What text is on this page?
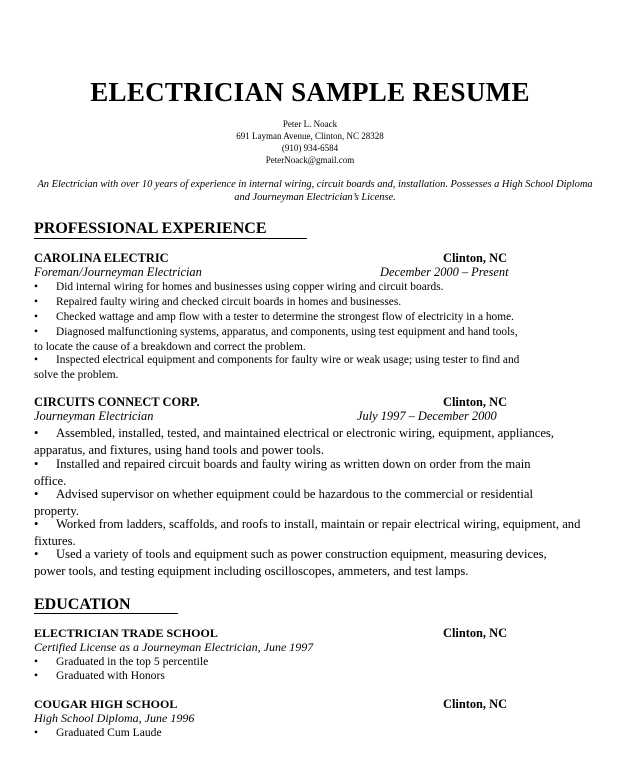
ELECTRICIAN SAMPLE RESUME

Peter L. Noack

691 Layman Avenue, Clinton, NC 28328

(910) 934-6584

PeterNoack@gmail.com

An Electrician with over 10 years of experience in internal wiring, circuit boards and, installation. Possesses a High School Diploma and Journeyman Electrician’s License.

PROFESSIONAL EXPERIENCE

CAROLINA ELECTRIC	Clinton, NC

Foreman/Journeyman Electrician	December 2000 – Present

• Did internal wiring for homes and businesses using copper wiring and circuit boards.

• Repaired faulty wiring and checked circuit boards in homes and businesses.

• Checked wattage and amp flow with a tester to determine the strongest flow of electricity in a home.

• Diagnosed malfunctioning systems, apparatus, and components, using test equipment and hand tools, to locate the cause of a breakdown and correct the problem.

• Inspected electrical equipment and components for faulty wire or weak usage; using tester to find and solve the problem.

CIRCUITS CONNECT CORP.	Clinton, NC

Journeyman Electrician	July 1997 – December 2000

• Assembled, installed, tested, and maintained electrical or electronic wiring, equipment, appliances, apparatus, and fixtures, using hand tools and power tools.

• Installed and repaired circuit boards and faulty wiring as written down on order from the main office.

• Advised supervisor on whether equipment could be hazardous to the commercial or residential property.

• Worked from ladders, scaffolds, and roofs to install, maintain or repair electrical wiring, equipment, and fixtures.

• Used a variety of tools and equipment such as power construction equipment, measuring devices, power tools, and testing equipment including oscilloscopes, ammeters, and test lamps.

EDUCATION

ELECTRICIAN TRADE SCHOOL	Clinton, NC

Certified License as a Journeyman Electrician, June 1997

• Graduated in the top 5 percentile

• Graduated with Honors

COUGAR HIGH SCHOOL	Clinton, NC

High School Diploma, June 1996

• Graduated Cum Laude
